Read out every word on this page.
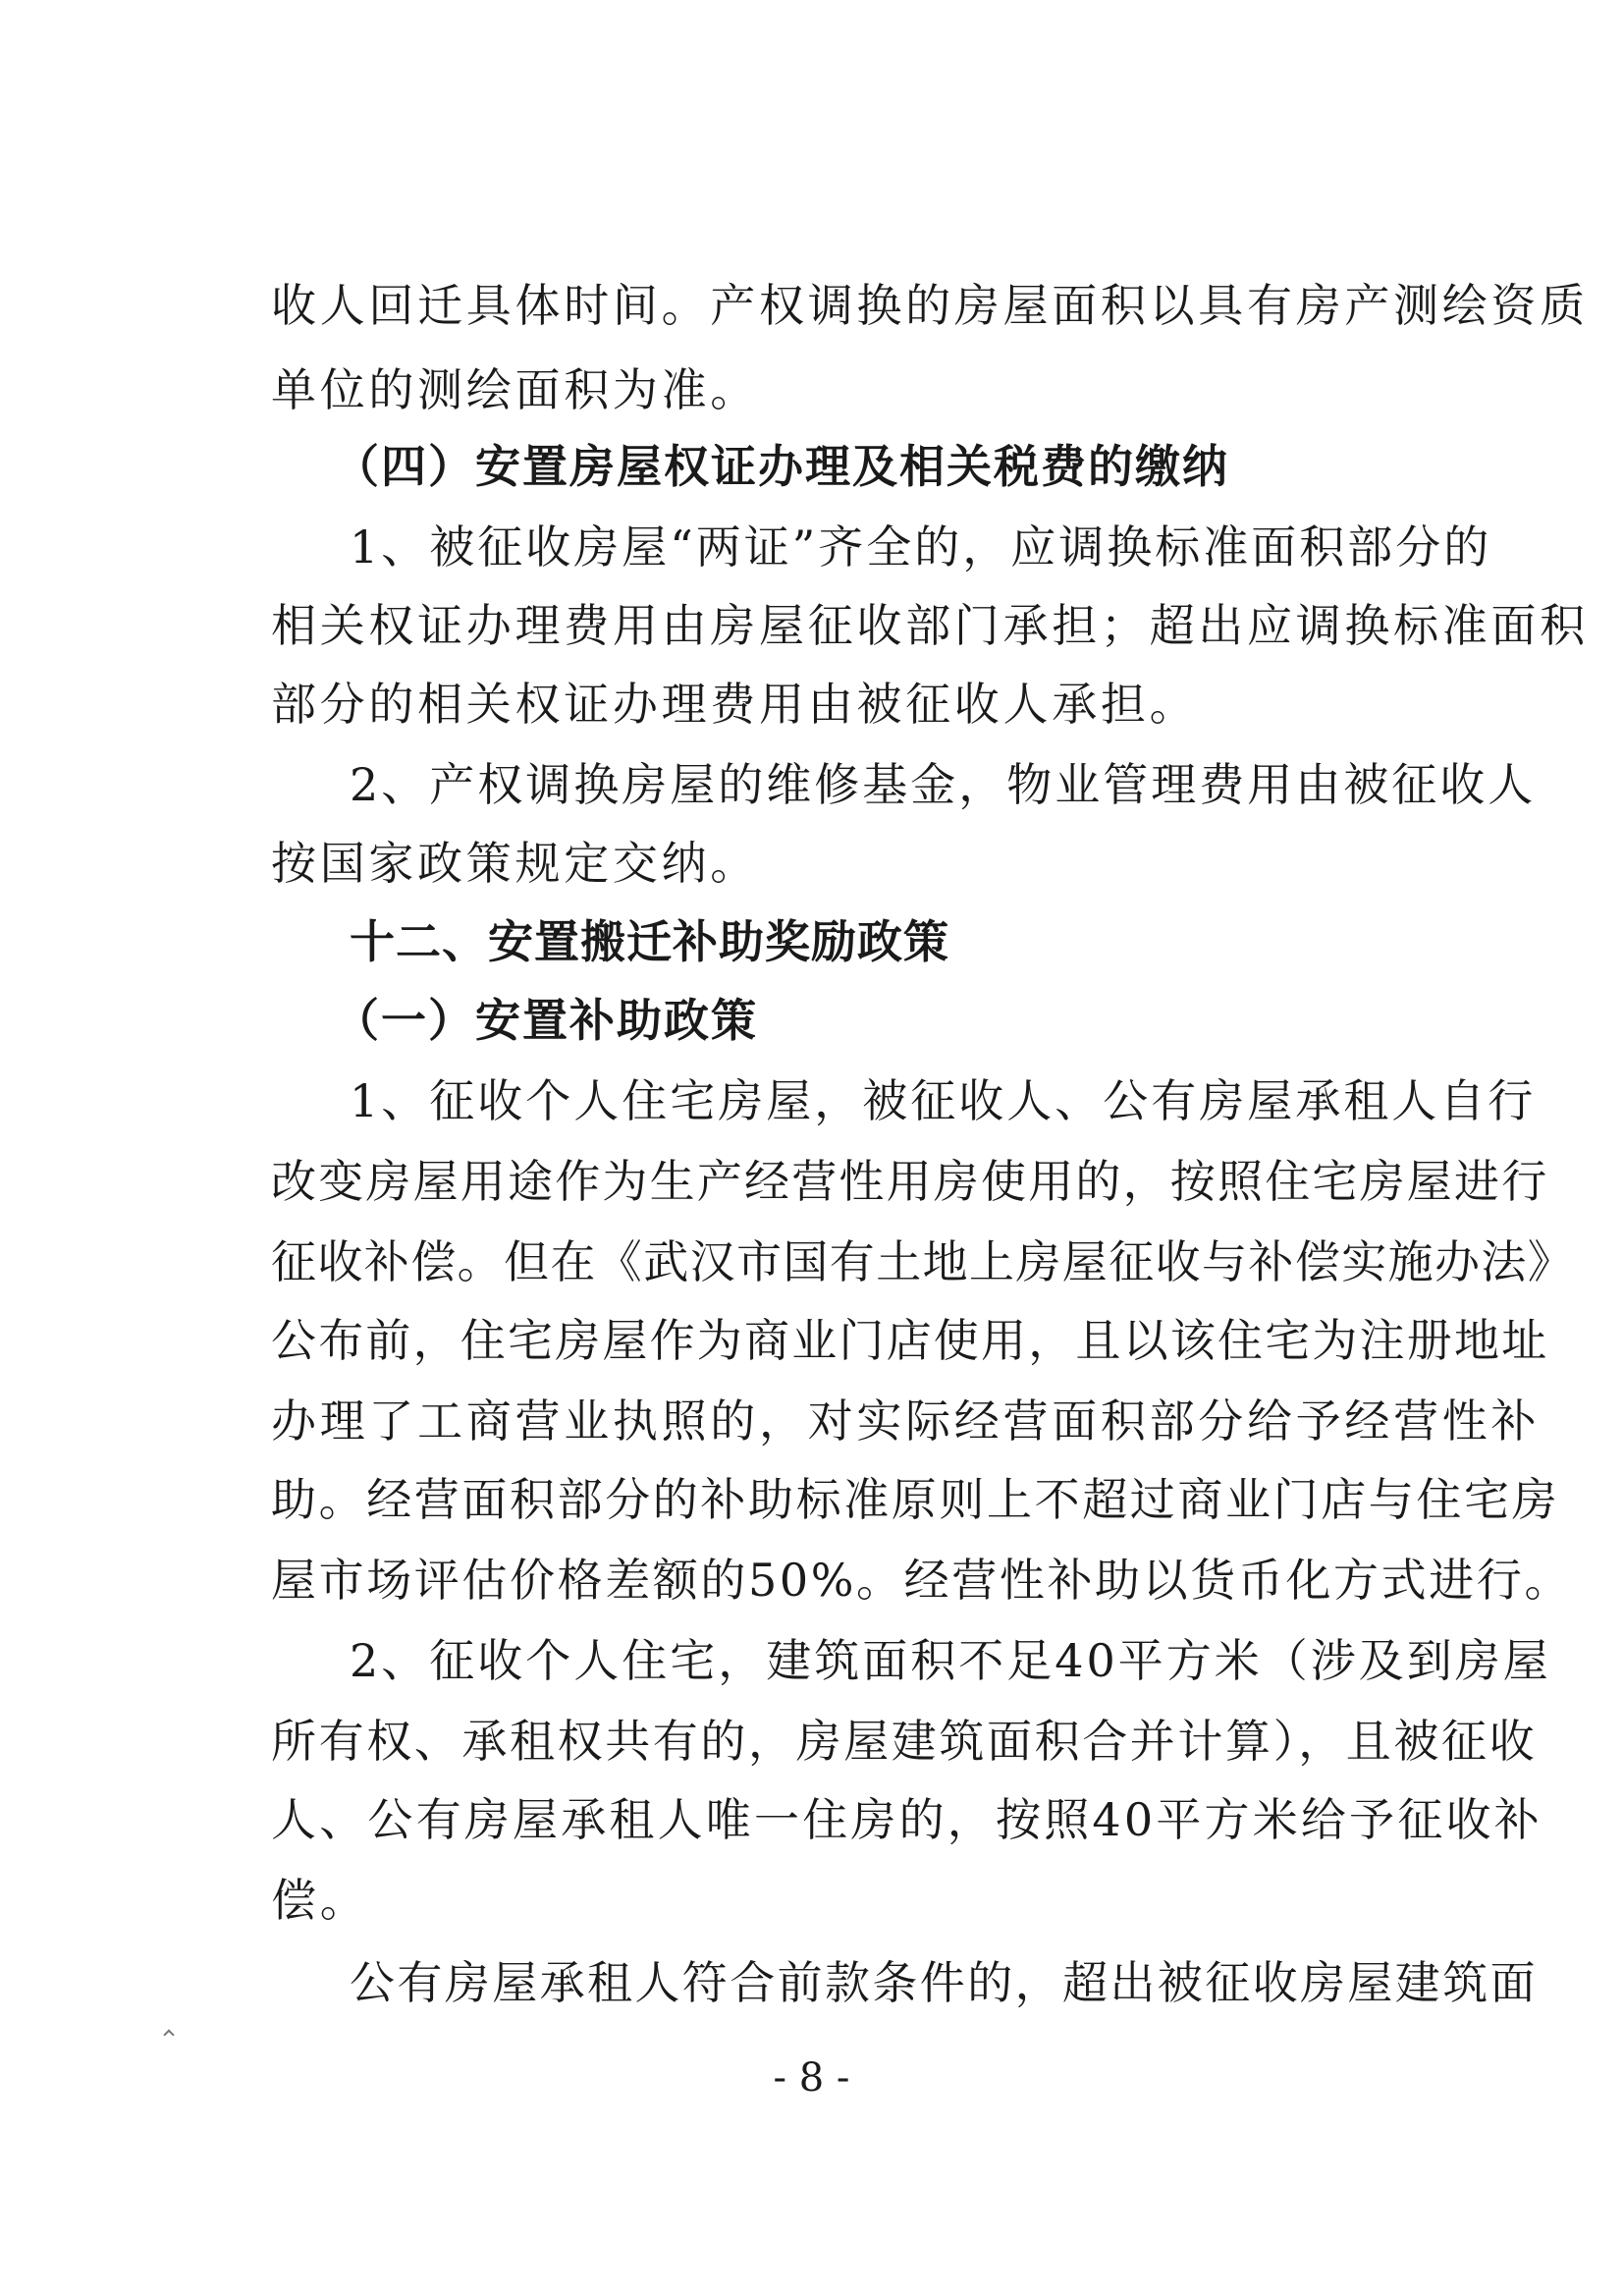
收人回迁具体时间。产权调换的房屋面积以具有房产测绘资质
单位的测绘面积为准。
（四）安置房屋权证办理及相关税费的缴纳
1、被征收房屋“两证”齐全的，应调换标准面积部分的
相关权证办理费用由房屋征收部门承担；超出应调换标准面积
部分的相关权证办理费用由被征收人承担。
2、产权调换房屋的维修基金，物业管理费用由被征收人
按国家政策规定交纳。
十二、安置搬迁补助奖励政策
（一）安置补助政策
1、征收个人住宅房屋，被征收人、公有房屋承租人自行
改变房屋用途作为生产经营性用房使用的，按照住宅房屋进行
征收补偿。但在《武汉市国有土地上房屋征收与补偿实施办法》
公布前，住宅房屋作为商业门店使用，且以该住宅为注册地址
办理了工商营业执照的，对实际经营面积部分给予经营性补
助。经营面积部分的补助标准原则上不超过商业门店与住宅房
屋市场评估价格差额的50%。经营性补助以货币化方式进行。
2、征收个人住宅，建筑面积不足40平方米（涉及到房屋
所有权、承租权共有的，房屋建筑面积合并计算），且被征收
人、公有房屋承租人唯一住房的，按照40平方米给予征收补
偿。
公有房屋承租人符合前款条件的，超出被征收房屋建筑面
- 8 -
